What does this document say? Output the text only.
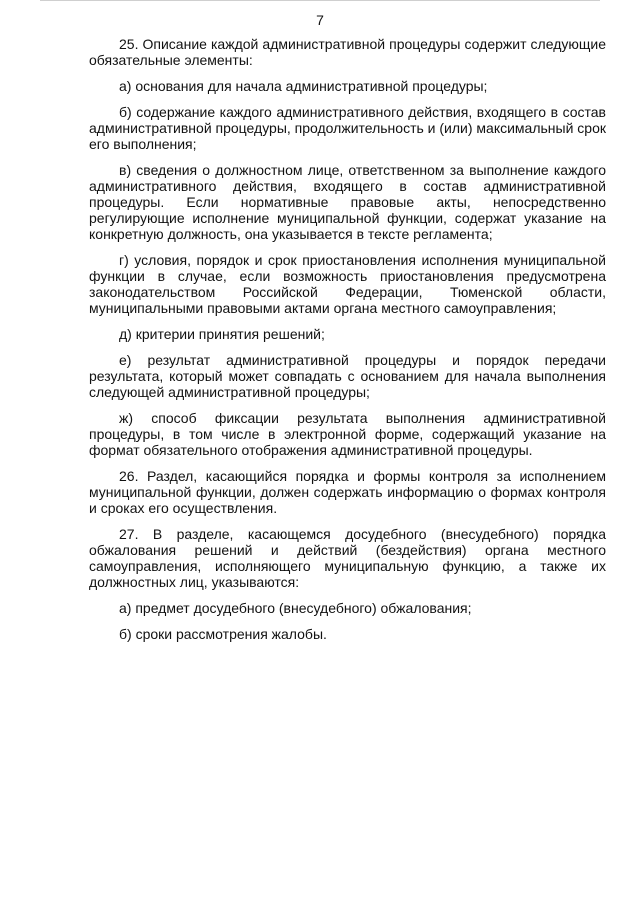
7

25. Описание каждой административной процедуры содержит следующие обязательные элементы:

а) основания для начала административной процедуры;

б) содержание каждого административного действия, входящего в состав административной процедуры, продолжительность и (или) максимальный срок его выполнения;

в) сведения о должностном лице, ответственном за выполнение каждого административного действия, входящего в состав административной процедуры. Если нормативные правовые акты, непосредственно регулирующие исполнение муниципальной функции, содержат указание на конкретную должность, она указывается в тексте регламента;

г) условия, порядок и срок приостановления исполнения муниципальной функции в случае, если возможность приостановления предусмотрена законодательством Российской Федерации, Тюменской области, муниципальными правовыми актами органа местного самоуправления;

д) критерии принятия решений;

е) результат административной процедуры и порядок передачи результата, который может совпадать с основанием для начала выполнения следующей административной процедуры;

ж) способ фиксации результата выполнения административной процедуры, в том числе в электронной форме, содержащий указание на формат обязательного отображения административной процедуры.

26. Раздел, касающийся порядка и формы контроля за исполнением муниципальной функции, должен содержать информацию о формах контроля и сроках его осуществления.

27. В разделе, касающемся досудебного (внесудебного) порядка обжалования решений и действий (бездействия) органа местного самоуправления, исполняющего муниципальную функцию, а также их должностных лиц, указываются:

а) предмет досудебного (внесудебного) обжалования;

б) сроки рассмотрения жалобы.
